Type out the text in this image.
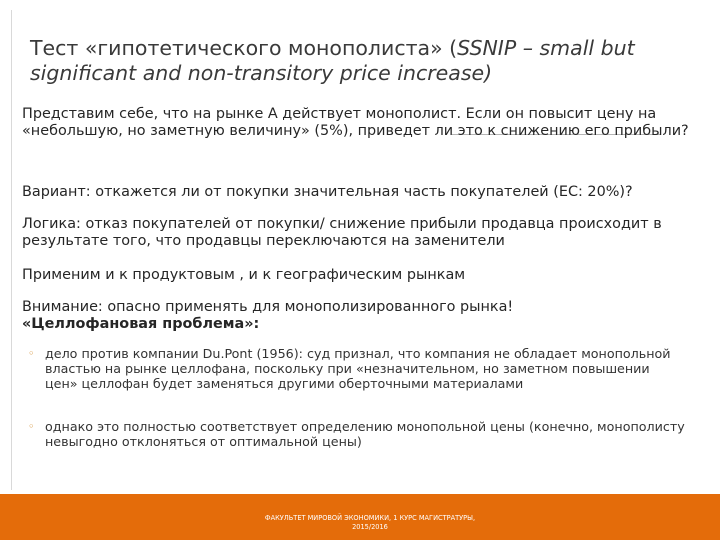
Тест «гипотетического монополиста» (SSNIP – small but
significant and non-transitory price increase)

Представим себе, что на рынке А действует монополист. Если он повысит цену на «небольшую, но заметную величину» (5%), приведет ли это к снижению его прибыли?

Вариант: откажется ли от покупки значительная часть покупателей (ЕС: 20%)?

Логика: отказ покупателей от покупки/ снижение прибыли продавца происходит в результате того, что продавцы переключаются на заменители

Применим и к продуктовым , и к географическим рынкам

Внимание: опасно применять для монополизированного рынка!
«Целлофановая проблема»:

◦ дело против компании Du.Pont (1956): суд признал, что компания не обладает монопольной властью на рынке целлофана, поскольку при «незначительном, но заметном повышении цен» целлофан будет заменяться другими оберточными материалами
◦ однако это полностью соответствует определению монопольной цены (конечно, монополисту невыгодно отклоняться от оптимальной цены)
ФАКУЛЬТЕТ МИРОВОЙ ЭКОНОМИКИ, 1 КУРС МАГИСТРАТУРЫ,
2015/2016
